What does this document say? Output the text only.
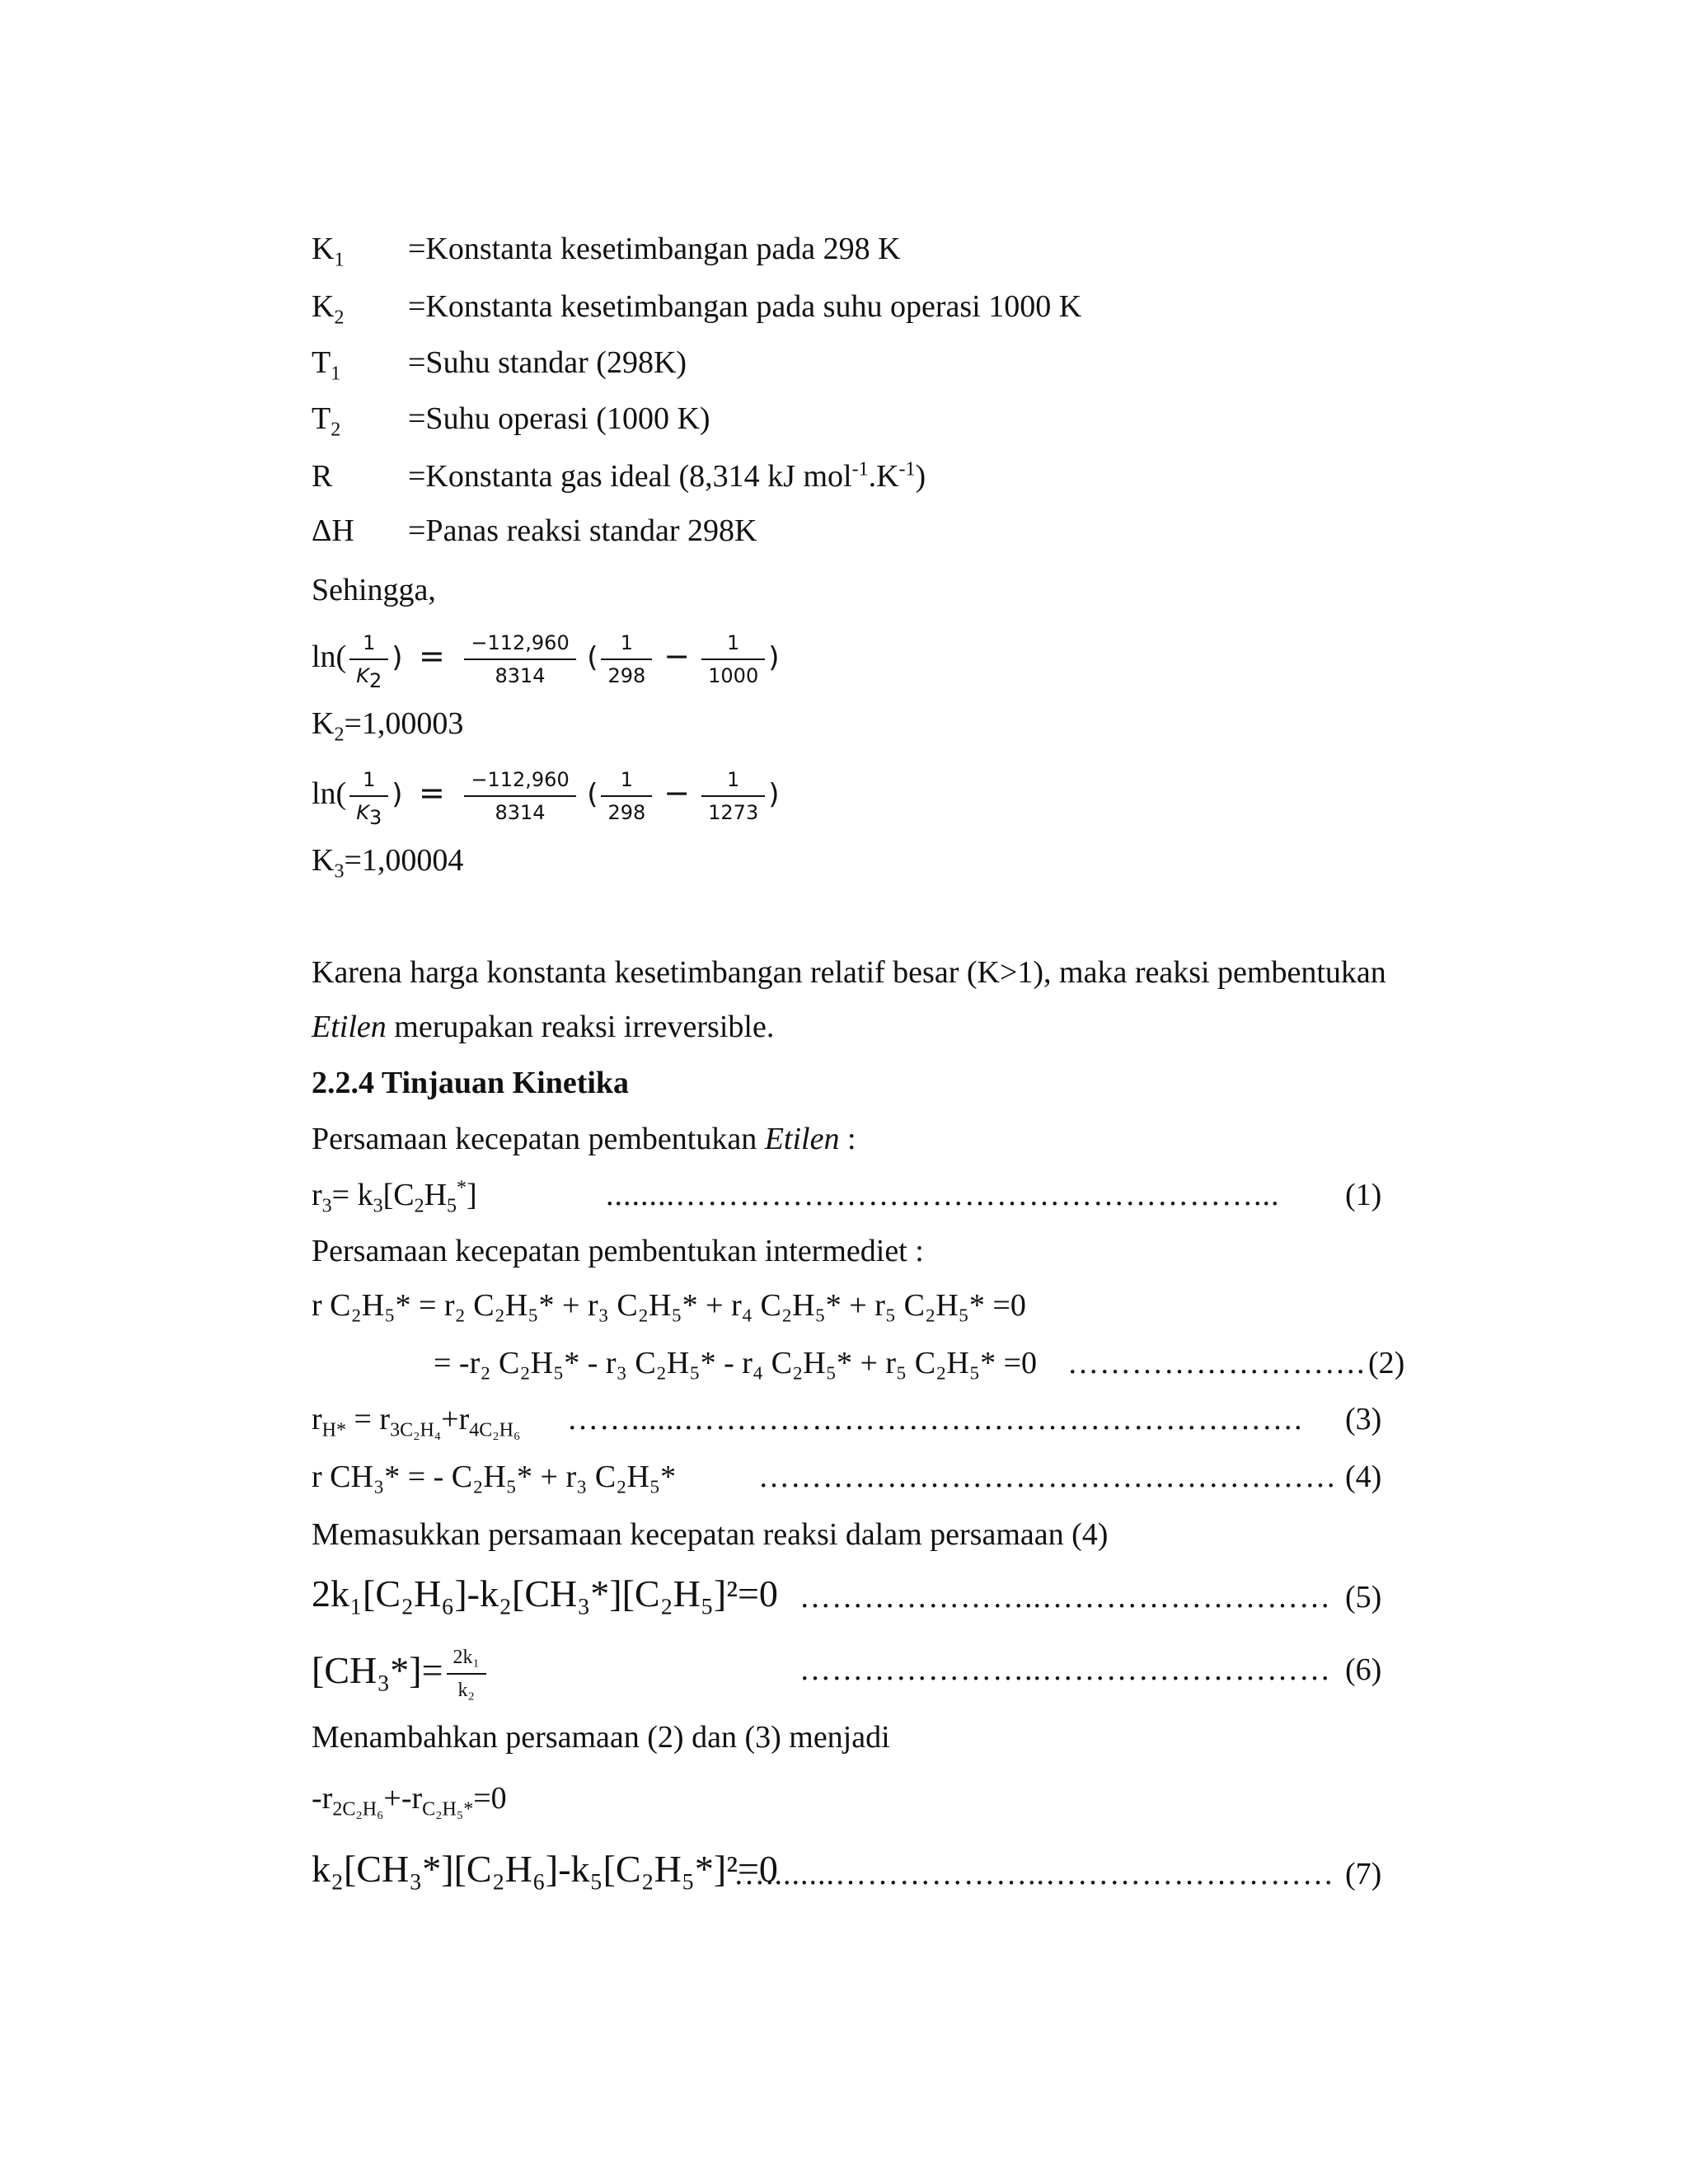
$K_1$ =Konstanta kesetimbangan pada 298 K
$K_2$ =Konstanta kesetimbangan pada suhu operasi 1000 K
$T_1$ =Suhu standar (298K)
$T_2$ =Suhu operasi (1000 K)
R =Konstanta gas ideal (8,314 kJ $mol^{-1}.K^{-1}$)
ΔH =Panas reaksi standar 298K
Sehingga,
$\ln( \frac{1}{K_2}$ ) = $\frac{-112,960}{8314}$ ( $\frac{1}{298} - \frac{1}{1000}$ )
$K_2=1,00003$
$\ln( \frac{1}{K_3}$ ) = $\frac{-112,960}{8314}$ ( $\frac{1}{298} - \frac{1}{1273}$ )
$K_3=1,00004$
Karena harga konstanta kesetimbangan relatif besar (K>1), maka reaksi pembentukan
Etilen merupakan reaksi irreversible.
2.2.4 Tinjauan Kinetika
Persamaan kecepatan pembentukan Etilen :
$r_3= k_3[C_2H_5^*]$	........………………………………………………... (1)
Persamaan kecepatan pembentukan intermediet :
r C₂H₅* = r₂ C₂H₅* + r₃ C₂H₅* + r₄ C₂H₅* + r₅ C₂H₅* =0
= -r₂ C₂H₅* - r₃ C₂H₅* - r₄ C₂H₅* + r₅ C₂H₅* =0 ………………………. (2)
$r_{H*} = r_{3C_2H_4}+r_{4C_2H_6}$ ……......…………………………………………………. (3)
r CH₃* = - C₂H₅* + r₃ C₂H₅*	……………………………………………… (4)
Memasukkan persamaan kecepatan reaksi dalam persamaan (4)
2k₁[C₂H₆]-k₂[CH₃*][C₂H₅]²=0 …………………..……………………… (5)
$[CH_3*]= \frac{\text{2k₁}}{\text{k₂}}$	…………………..……………………… (6)
Menambahkan persamaan (2) dan (3) menjadi
$-r_{2C_2H_6}+-r_{C_2H_5*}=0$
k₂[CH₃*][C₂H₆]-k₅[C₂H₅*]²=0
…........………………..……………………… (7)
